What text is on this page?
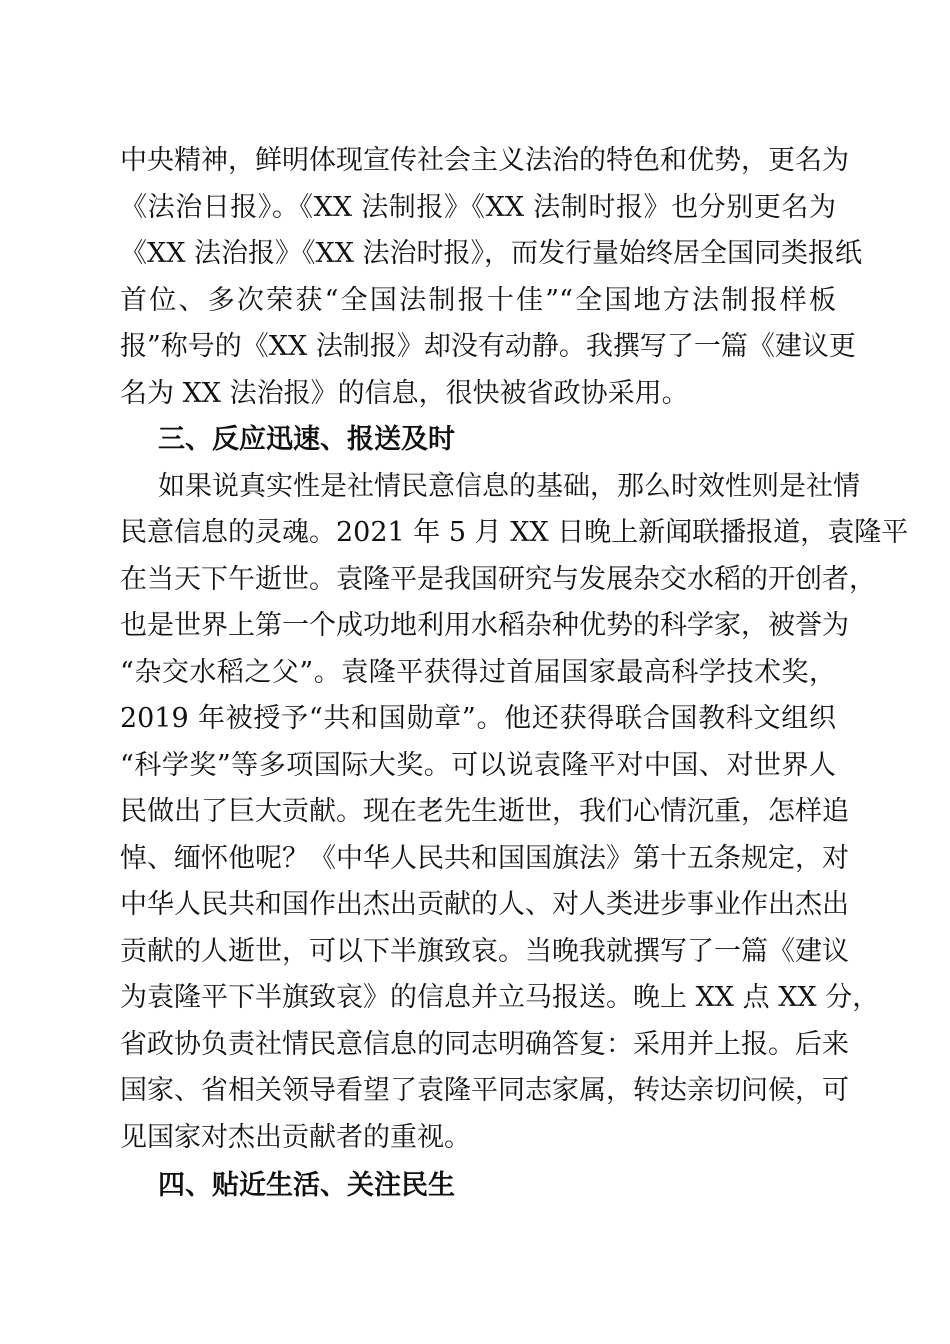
中央精神，鲜明体现宣传社会主义法治的特色和优势，更名为
《法治日报》。《XX 法制报》《XX 法制时报》也分别更名为
《XX 法治报》《XX 法治时报》，而发行量始终居全国同类报纸
首位、多次荣获“全国法制报十佳”“全国地方法制报样板
报”称号的《XX 法制报》却没有动静。我撰写了一篇《建议更
名为 XX 法治报》的信息，很快被省政协采用。
三、反应迅速、报送及时
如果说真实性是社情民意信息的基础，那么时效性则是社情
民意信息的灵魂。2021 年 5 月 XX 日晚上新闻联播报道，袁隆平
在当天下午逝世。袁隆平是我国研究与发展杂交水稻的开创者，
也是世界上第一个成功地利用水稻杂种优势的科学家，被誉为
“杂交水稻之父”。袁隆平获得过首届国家最高科学技术奖，
2019 年被授予“共和国勋章”。他还获得联合国教科文组织
“科学奖”等多项国际大奖。可以说袁隆平对中国、对世界人
民做出了巨大贡献。现在老先生逝世，我们心情沉重，怎样追
悼、缅怀他呢？《中华人民共和国国旗法》第十五条规定，对
中华人民共和国作出杰出贡献的人、对人类进步事业作出杰出
贡献的人逝世，可以下半旗致哀。当晚我就撰写了一篇《建议
为袁隆平下半旗致哀》的信息并立马报送。晚上 XX 点 XX 分，
省政协负责社情民意信息的同志明确答复：采用并上报。后来
国家、省相关领导看望了袁隆平同志家属，转达亲切问候，可
见国家对杰出贡献者的重视。
四、贴近生活、关注民生
